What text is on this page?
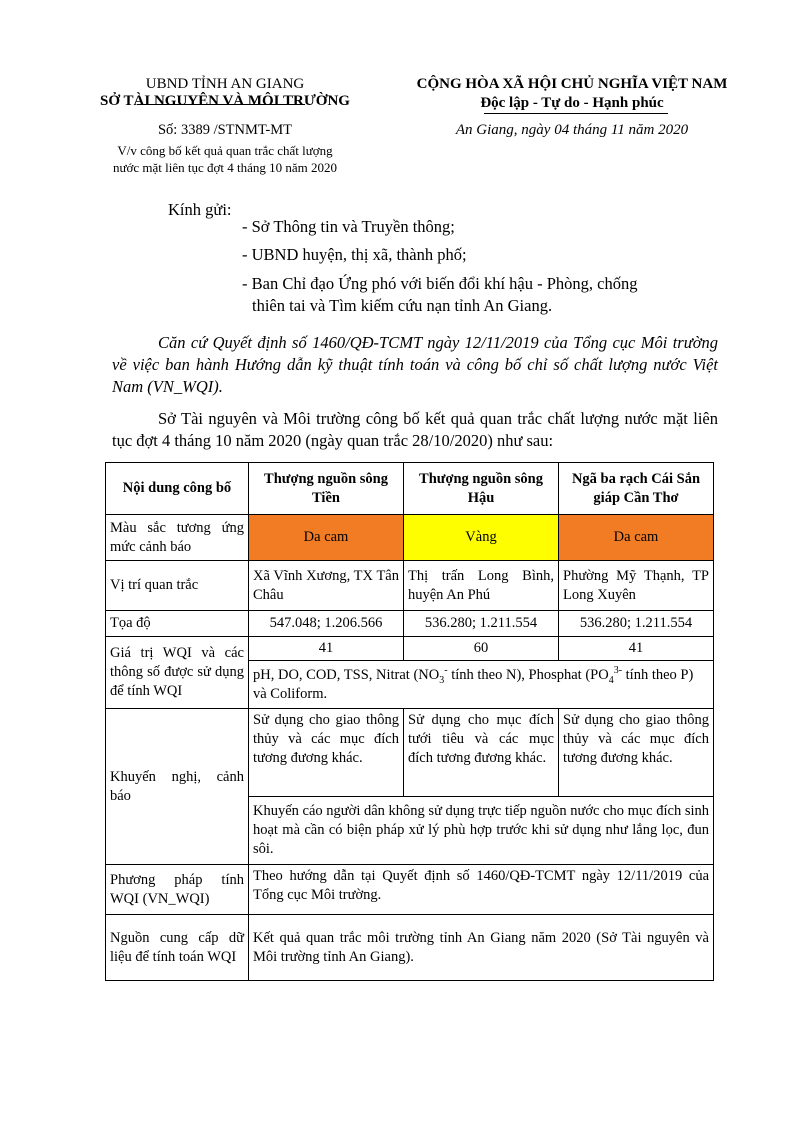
UBND TỈNH AN GIANG
SỞ TÀI NGUYÊN VÀ MÔI TRƯỜNG
Số: 3389 /STNMT-MT
V/v công bố kết quả quan trắc chất lượng
nước mặt liên tục đợt 4 tháng 10 năm 2020
CỘNG HÒA XÃ HỘI CHỦ NGHĨA VIỆT NAM
Độc lập - Tự do - Hạnh phúc
An Giang, ngày 04 tháng 11 năm 2020
Kính gửi:
- Sở Thông tin và Truyền thông;
- UBND huyện, thị xã, thành phố;
- Ban Chỉ đạo Ứng phó với biến đổi khí hậu - Phòng, chống
thiên tai và Tìm kiếm cứu nạn tỉnh An Giang.
Căn cứ Quyết định số 1460/QĐ-TCMT ngày 12/11/2019 của Tổng cục Môi trường về việc ban hành Hướng dẫn kỹ thuật tính toán và công bố chỉ số chất lượng nước Việt Nam (VN_WQI).
Sở Tài nguyên và Môi trường công bố kết quả quan trắc chất lượng nước mặt liên tục đợt 4 tháng 10 năm 2020 (ngày quan trắc 28/10/2020) như sau:
Nội dung công bố	Thượng nguồn sông Tiền	Thượng nguồn sông Hậu	Ngã ba rạch Cái Sắn giáp Cần Thơ
Màu sắc tương ứng mức cảnh báo	Da cam	Vàng	Da cam
Vị trí quan trắc	Xã Vĩnh Xương, TX Tân Châu	Thị trấn Long Bình, huyện An Phú	Phường Mỹ Thạnh, TP Long Xuyên
Tọa độ	547.048; 1.206.566	536.280; 1.211.554	536.280; 1.211.554
Giá trị WQI và các thông số được sử dụng để tính WQI	41	60	41
	pH, DO, COD, TSS, Nitrat ($NO_3^-$ tính theo N), Phosphat ($PO_4^{3-}$ tính theo P) và Coliform.		
Khuyến nghị, cảnh báo	Sử dụng cho giao thông thủy và các mục đích tương đương khác.	Sử dụng cho mục đích tưới tiêu và các mục đích tương đương khác.	Sử dụng cho giao thông thủy và các mục đích tương đương khác.
	Khuyến cáo người dân không sử dụng trực tiếp nguồn nước cho mục đích sinh hoạt mà cần có biện pháp xử lý phù hợp trước khi sử dụng như lắng lọc, đun sôi.		
Phương pháp tính WQI (VN_WQI)	Theo hướng dẫn tại Quyết định số 1460/QĐ-TCMT ngày 12/11/2019 của Tổng cục Môi trường.		
Nguồn cung cấp dữ liệu để tính toán WQI	Kết quả quan trắc môi trường tỉnh An Giang năm 2020 (Sở Tài nguyên và Môi trường tỉnh An Giang).		
